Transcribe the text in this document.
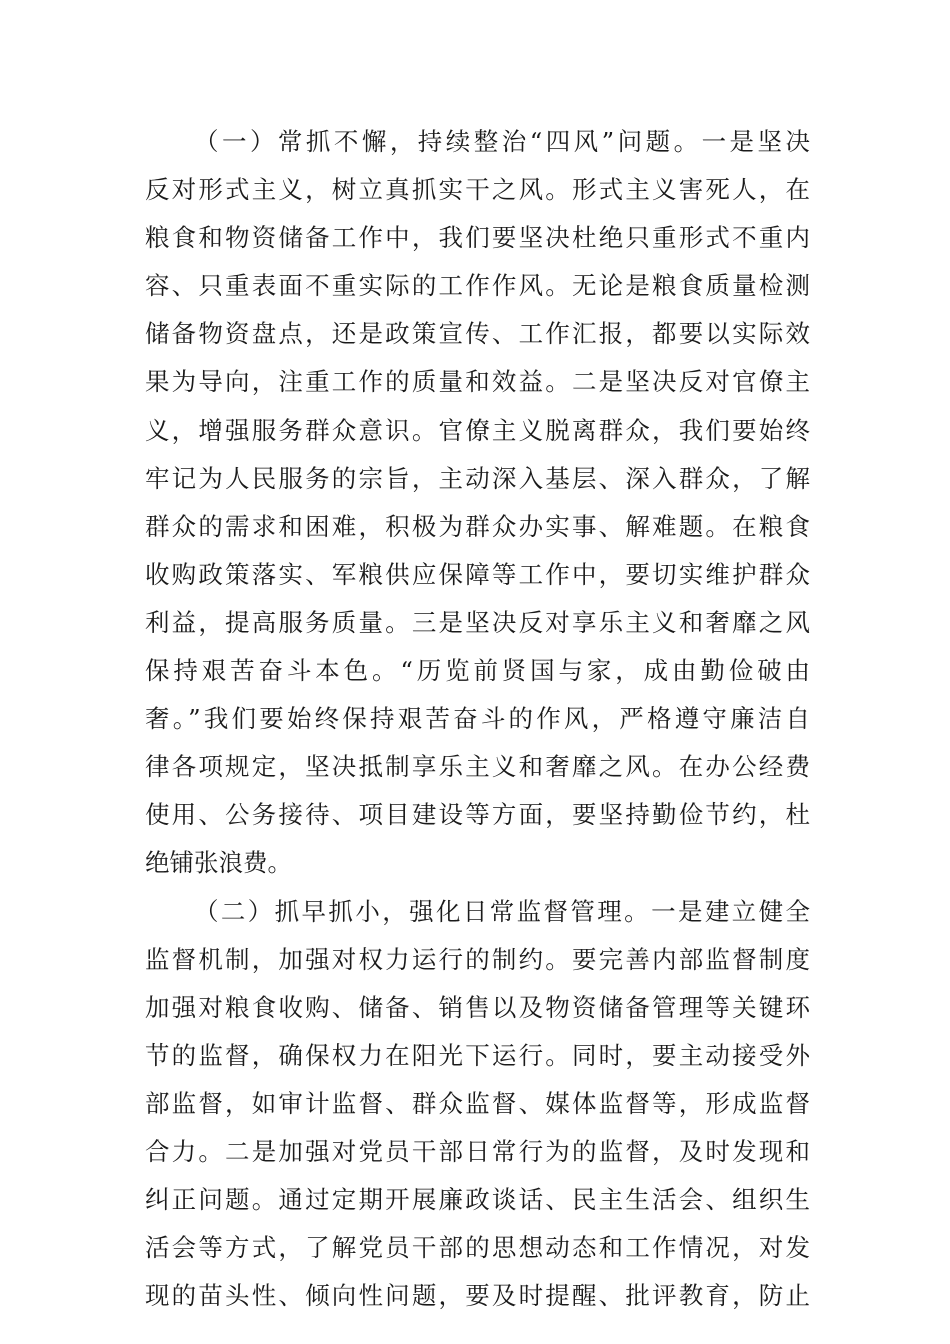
（一）常抓不懈，持续整治“四风”问题。一是坚决
反对形式主义，树立真抓实干之风。形式主义害死人，在
粮食和物资储备工作中，我们要坚决杜绝只重形式不重内
容、只重表面不重实际的工作作风。无论是粮食质量检测
储备物资盘点，还是政策宣传、工作汇报，都要以实际效
果为导向，注重工作的质量和效益。二是坚决反对官僚主
义，增强服务群众意识。官僚主义脱离群众，我们要始终
牢记为人民服务的宗旨，主动深入基层、深入群众，了解
群众的需求和困难，积极为群众办实事、解难题。在粮食
收购政策落实、军粮供应保障等工作中，要切实维护群众
利益，提高服务质量。三是坚决反对享乐主义和奢靡之风
保持艰苦奋斗本色。“历览前贤国与家，成由勤俭破由
奢。”我们要始终保持艰苦奋斗的作风，严格遵守廉洁自
律各项规定，坚决抵制享乐主义和奢靡之风。在办公经费
使用、公务接待、项目建设等方面，要坚持勤俭节约，杜
绝铺张浪费。
（二）抓早抓小，强化日常监督管理。一是建立健全
监督机制，加强对权力运行的制约。要完善内部监督制度
加强对粮食收购、储备、销售以及物资储备管理等关键环
节的监督，确保权力在阳光下运行。同时，要主动接受外
部监督，如审计监督、群众监督、媒体监督等，形成监督
合力。二是加强对党员干部日常行为的监督，及时发现和
纠正问题。通过定期开展廉政谈话、民主生活会、组织生
活会等方式，了解党员干部的思想动态和工作情况，对发
现的苗头性、倾向性问题，要及时提醒、批评教育，防止
